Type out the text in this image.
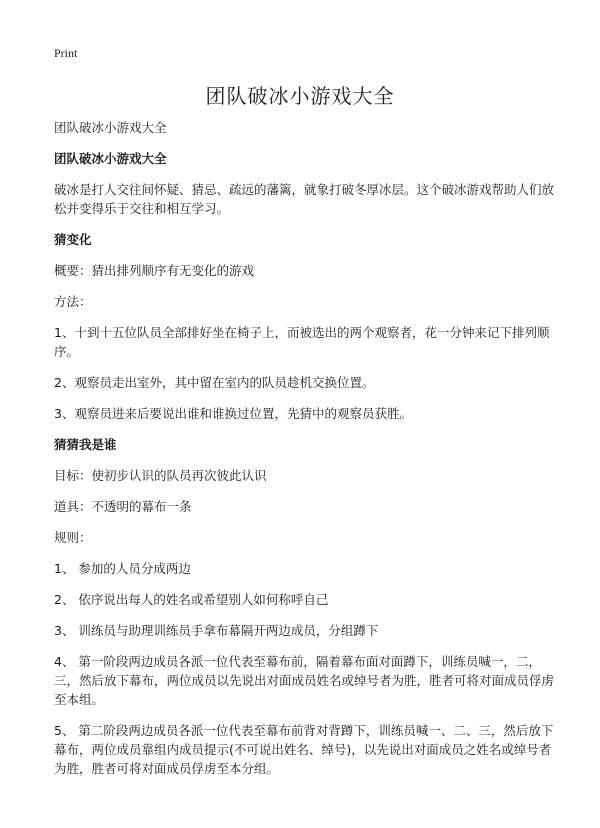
Print
团队破冰小游戏大全

团队破冰小游戏大全

团队破冰小游戏大全

破冰是打人交往间怀疑、猜忌、疏远的藩篱，就象打破冬厚冰层。这个破冰游戏帮助人们放松并变得乐于交往和相互学习。

猜变化

概要：猜出排列顺序有无变化的游戏

方法：

1、十到十五位队员全部排好坐在椅子上，而被选出的两个观察者，花一分钟来记下排列顺序。

2、观察员走出室外，其中留在室内的队员趁机交换位置。

3、观察员进来后要说出谁和谁换过位置，先猜中的观察员获胜。

猜猜我是谁

目标：使初步认识的队员再次彼此认识

道具：不透明的幕布一条

规则：

1、 参加的人员分成两边

2、 依序说出每人的姓名或希望别人如何称呼自己

3、 训练员与助理训练员手拿布幕隔开两边成员，分组蹲下

4、 第一阶段两边成员各派一位代表至幕布前，隔着幕布面对面蹲下，训练员喊一，二，三，然后放下幕布，两位成员以先说出对面成员姓名或绰号者为胜，胜者可将对面成员俘虏至本组。

5、 第二阶段两边成员各派一位代表至幕布前背对背蹲下，训练员喊一、二、三，然后放下幕布，两位成员靠组内成员提示(不可说出姓名、绰号)，以先说出对面成员之姓名或绰号者为胜，胜者可将对面成员俘虏至本分组。
